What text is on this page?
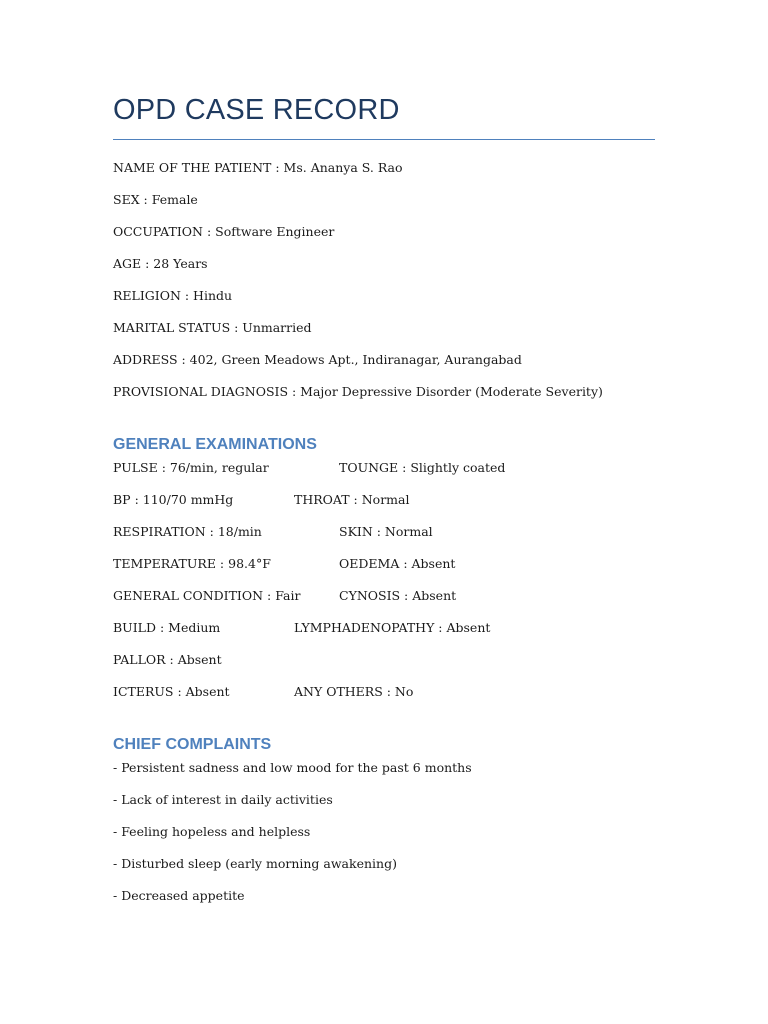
OPD CASE RECORD
NAME OF THE PATIENT : Ms. Ananya S. Rao
SEX : Female
OCCUPATION : Software Engineer
AGE : 28 Years
RELIGION : Hindu
MARITAL STATUS : Unmarried
ADDRESS : 402, Green Meadows Apt., Indiranagar, Aurangabad
PROVISIONAL DIAGNOSIS : Major Depressive Disorder (Moderate Severity)
GENERAL EXAMINATIONS
PULSE : 76/min, regular	TOUNGE : Slightly coated
BP : 110/70 mmHg	THROAT : Normal
RESPIRATION : 18/min	SKIN : Normal
TEMPERATURE : 98.4°F	OEDEMA : Absent
GENERAL CONDITION : Fair	CYNOSIS : Absent
BUILD : Medium	LYMPHADENOPATHY : Absent
PALLOR : Absent
ICTERUS : Absent	ANY OTHERS : No
CHIEF COMPLAINTS
- Persistent sadness and low mood for the past 6 months
- Lack of interest in daily activities
- Feeling hopeless and helpless
- Disturbed sleep (early morning awakening)
- Decreased appetite
